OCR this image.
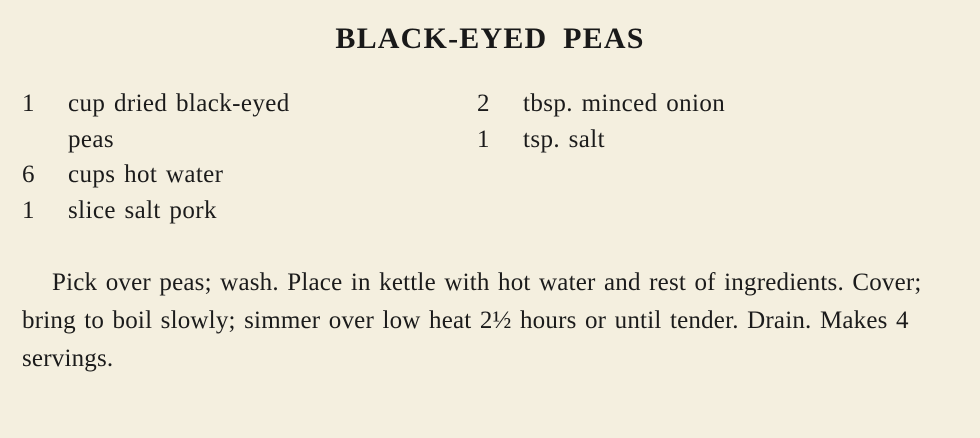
BLACK-EYED PEAS
1	cup dried black-eyed
peas
6	cups hot water
1	slice salt pork
2	tbsp. minced onion
1	tsp. salt

Pick over peas; wash. Place in kettle with hot water and rest of ingredients. Cover; bring to boil slowly; simmer over low heat 2½ hours or until tender. Drain. Makes 4 servings.
